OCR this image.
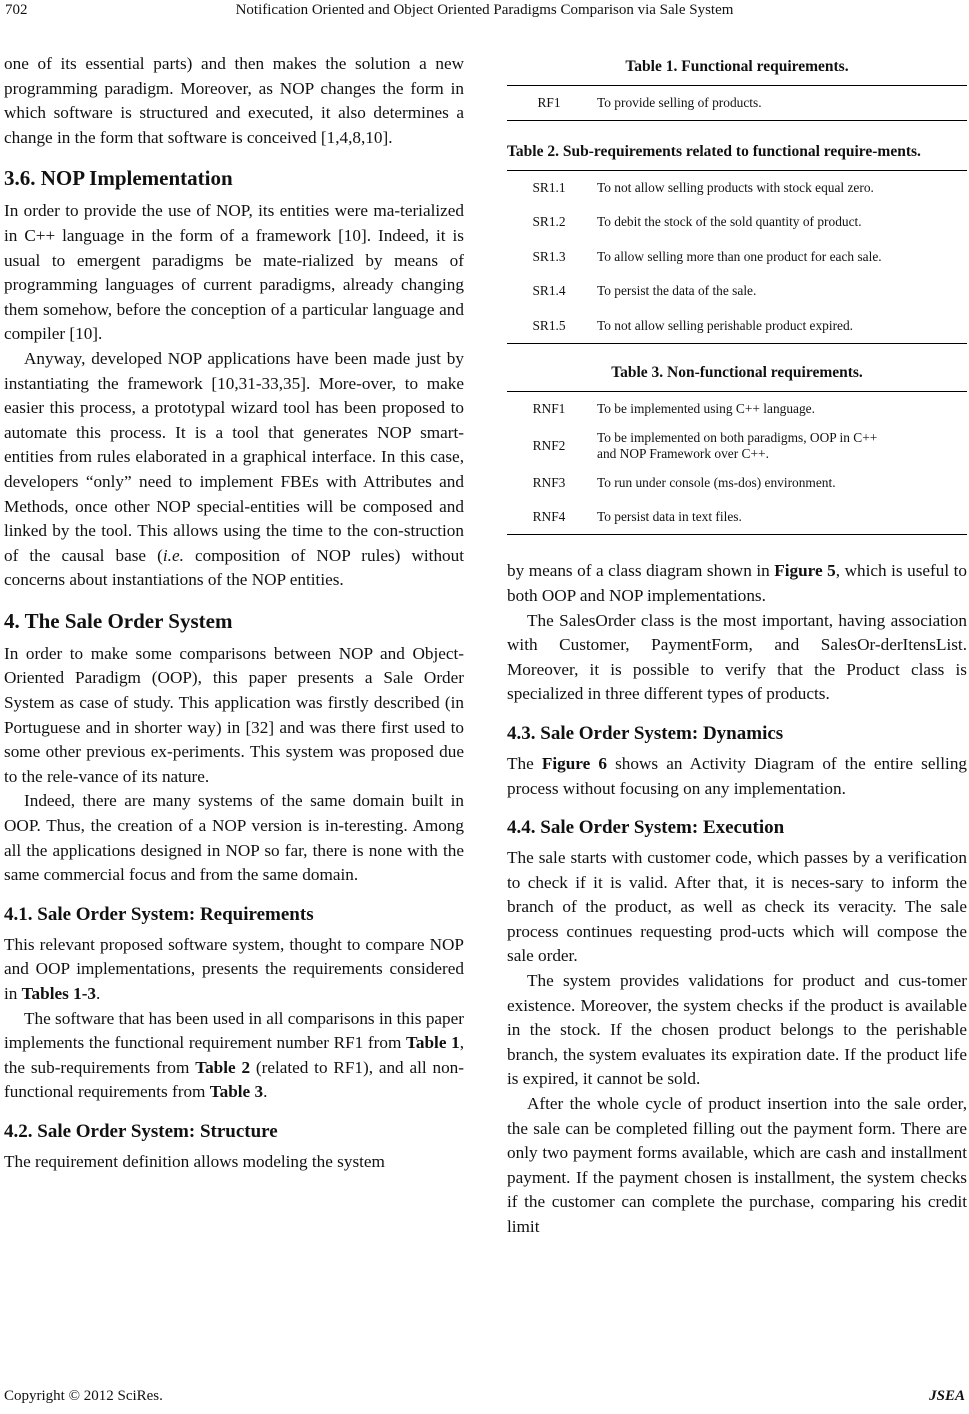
702	Notification Oriented and Object Oriented Paradigms Comparison via Sale System

one of its essential parts) and then makes the solution a new programming paradigm. Moreover, as NOP changes the form in which software is structured and executed, it also determines a change in the form that software is conceived [1,4,8,10].

3.6. NOP Implementation

In order to provide the use of NOP, its entities were ma-terialized in C++ language in the form of a framework [10]. Indeed, it is usual to emergent paradigms be mate-rialized by means of programming languages of current paradigms, already changing them somehow, before the conception of a particular language and compiler [10].

Anyway, developed NOP applications have been made just by instantiating the framework [10,31-33,35]. More-over, to make easier this process, a prototypal wizard tool has been proposed to automate this process. It is a tool that generates NOP smart-entities from rules elaborated in a graphical interface. In this case, developers “only” need to implement FBEs with Attributes and Methods, once other NOP special-entities will be composed and linked by the tool. This allows using the time to the con-struction of the causal base (i.e. composition of NOP rules) without concerns about instantiations of the NOP entities.

4. The Sale Order System

In order to make some comparisons between NOP and Object-Oriented Paradigm (OOP), this paper presents a Sale Order System as case of study. This application was firstly described (in Portuguese and in shorter way) in [32] and was there first used to some other previous ex-periments. This system was proposed due to the rele-vance of its nature.

Indeed, there are many systems of the same domain built in OOP. Thus, the creation of a NOP version is in-teresting. Among all the applications designed in NOP so far, there is none with the same commercial focus and from the same domain.

4.1. Sale Order System: Requirements

This relevant proposed software system, thought to compare NOP and OOP implementations, presents the requirements considered in Tables 1-3.

The software that has been used in all comparisons in this paper implements the functional requirement number RF1 from Table 1, the sub-requirements from Table 2 (related to RF1), and all non-functional requirements from Table 3.

4.2. Sale Order System: Structure

The requirement definition allows modeling the system

Table 1. Functional requirements.
RF1	To provide selling of products.
Table 2. Sub-requirements related to functional require-ments.
SR1.1	To not allow selling products with stock equal zero.
SR1.2	To debit the stock of the sold quantity of product.
SR1.3	To allow selling more than one product for each sale.
SR1.4	To persist the data of the sale.
SR1.5	To not allow selling perishable product expired.
Table 3. Non-functional requirements.
RNF1	To be implemented using C++ language.
RNF2	To be implemented on both paradigms, OOP in C++
and NOP Framework over C++.
RNF3	To run under console (ms-dos) environment.
RNF4	To persist data in text files.

by means of a class diagram shown in Figure 5, which is useful to both OOP and NOP implementations.

The SalesOrder class is the most important, having association with Customer, PaymentForm, and SalesOr-derItensList. Moreover, it is possible to verify that the Product class is specialized in three different types of products.

4.3. Sale Order System: Dynamics

The Figure 6 shows an Activity Diagram of the entire selling process without focusing on any implementation.

4.4. Sale Order System: Execution

The sale starts with customer code, which passes by a verification to check if it is valid. After that, it is neces-sary to inform the branch of the product, as well as check its veracity. The sale process continues requesting prod-ucts which will compose the sale order.

The system provides validations for product and cus-tomer existence. Moreover, the system checks if the product is available in the stock. If the chosen product belongs to the perishable branch, the system evaluates its expiration date. If the product life is expired, it cannot be sold.

After the whole cycle of product insertion into the sale order, the sale can be completed filling out the payment form. There are only two payment forms available, which are cash and installment payment. If the payment chosen is installment, the system checks if the customer can complete the purchase, comparing his credit limit

Copyright © 2012 SciRes.	JSEA
